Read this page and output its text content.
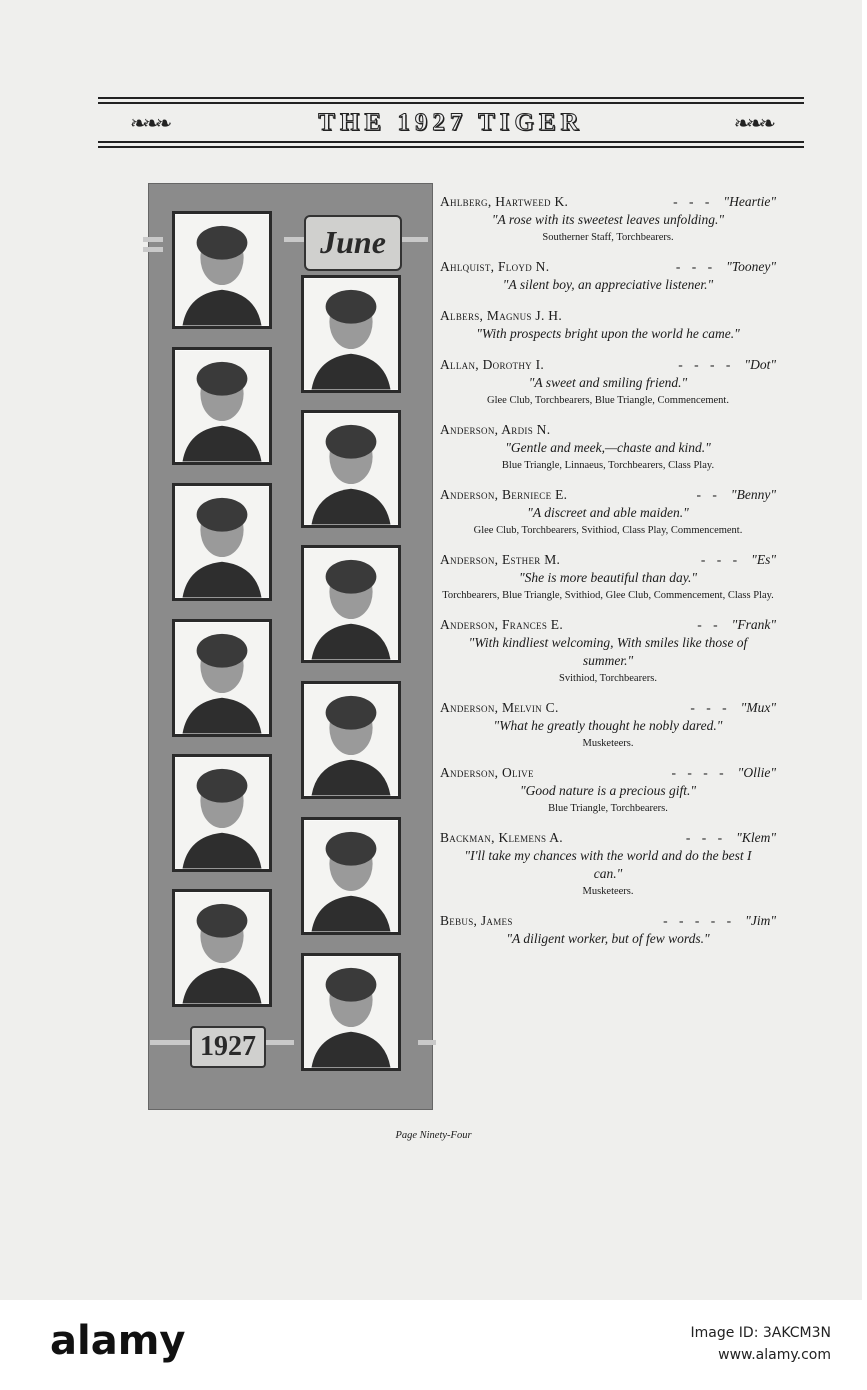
❧❧❧	THE 1927 TIGER	❧❧❧
June
1927
Ahlberg, Hartweed K.	- - - "Heartie"
"A rose with its sweetest leaves unfolding."
Southerner Staff, Torchbearers.
Ahlquist, Floyd N.	- - - "Tooney"
"A silent boy, an appreciative listener."
Albers, Magnus J. H.
"With prospects bright upon the world he came."
Allan, Dorothy I.	- - - - "Dot"
"A sweet and smiling friend."
Glee Club, Torchbearers, Blue Triangle, Commencement.
Anderson, Ardis N.
"Gentle and meek,—chaste and kind."
Blue Triangle, Linnaeus, Torchbearers, Class Play.
Anderson, Berniece E.	- - "Benny"
"A discreet and able maiden."
Glee Club, Torchbearers, Svithiod, Class Play, Commencement.
Anderson, Esther M.	- - - "Es"
"She is more beautiful than day."
Torchbearers, Blue Triangle, Svithiod, Glee Club, Commencement, Class Play.
Anderson, Frances E.	- - "Frank"
"With kindliest welcoming, With smiles like those of summer."
Svithiod, Torchbearers.
Anderson, Melvin C.	- - - "Mux"
"What he greatly thought he nobly dared."
Musketeers.
Anderson, Olive	- - - - "Ollie"
"Good nature is a precious gift."
Blue Triangle, Torchbearers.
Backman, Klemens A.	- - - "Klem"
"I'll take my chances with the world and do the best I can."
Musketeers.
Bebus, James	- - - - - "Jim"
"A diligent worker, but of few words."
Page Ninety-Four
alamy	Image ID: 3AKCM3N
www.alamy.com
